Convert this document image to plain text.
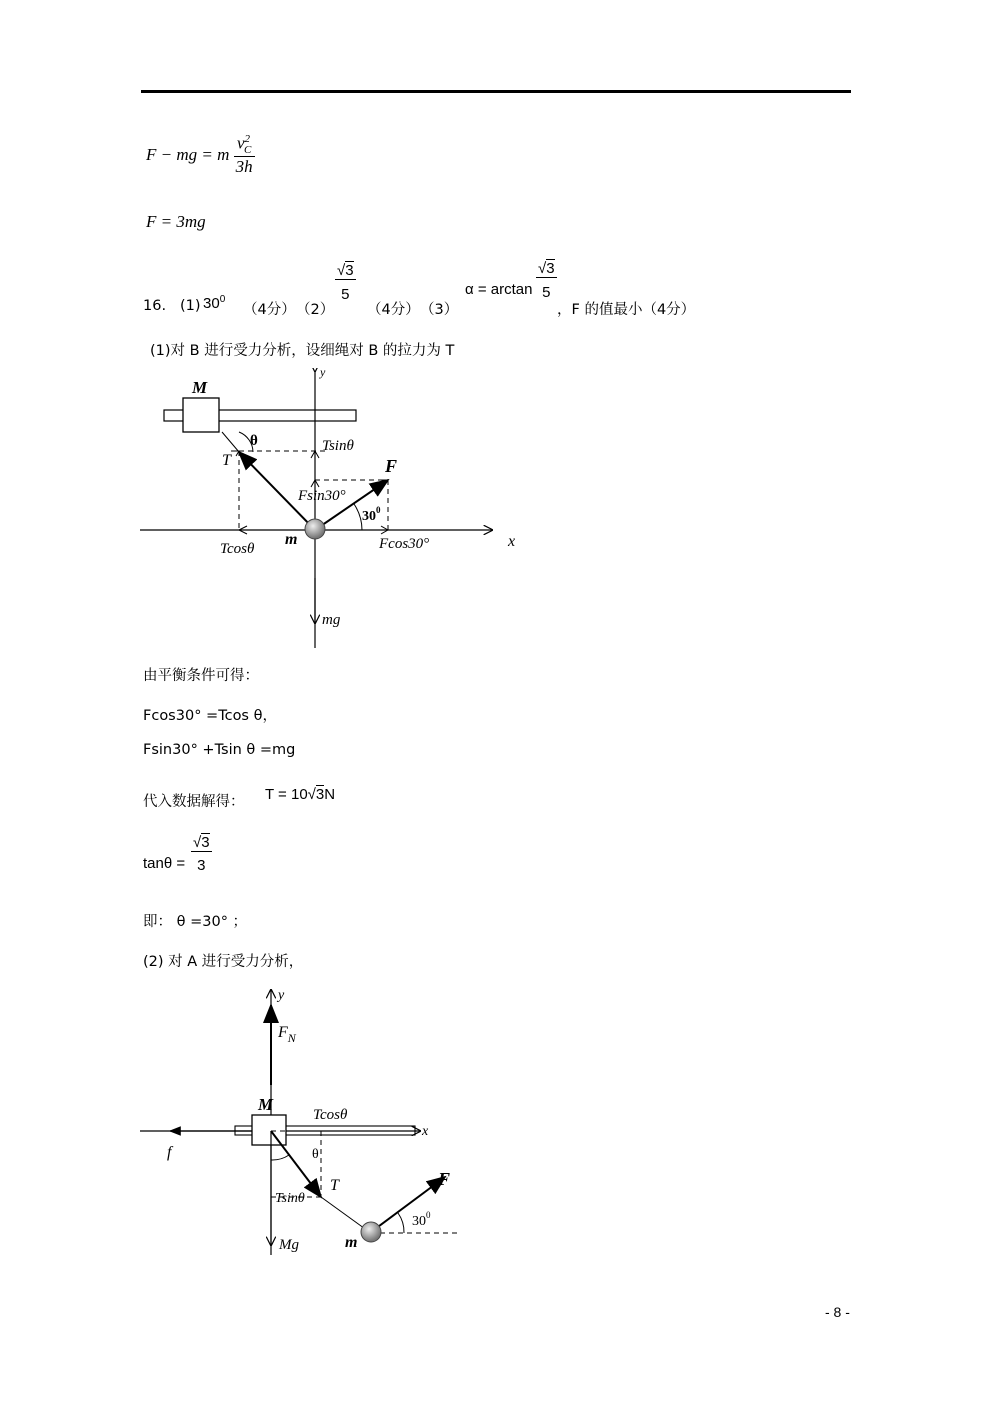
F − mg = m $\frac{v^2_C}{3h}$
F = 3mg
16. (1) $30^0$
（4分） （2）
$\frac{√3}{5}$
（4分） （3）
$\alpha = \arctan \frac{√3}{5}$
，F 的值最小（4分）
(1)对 B 进行受力分析，设细绳对 B 的拉力为 T
M
y
x
θ
T
Tsinθ
F
Fsin30°
$30^0$
m
Tcosθ	Fcos30°
mg
由平衡条件可得：
Fcos30° =Tcos θ，
Fsin30° +Tsin θ =mg
代入数据解得： T = 10√3N
$\tan\theta = \frac{√3}{3}$
即： θ =30° ；
(2) 对 A 进行受力分析，
y
$F_N$
x
f
M
Mg
Tcosθ
θ
T
Tsinθ
F
$30^0$
m
- 8 -
